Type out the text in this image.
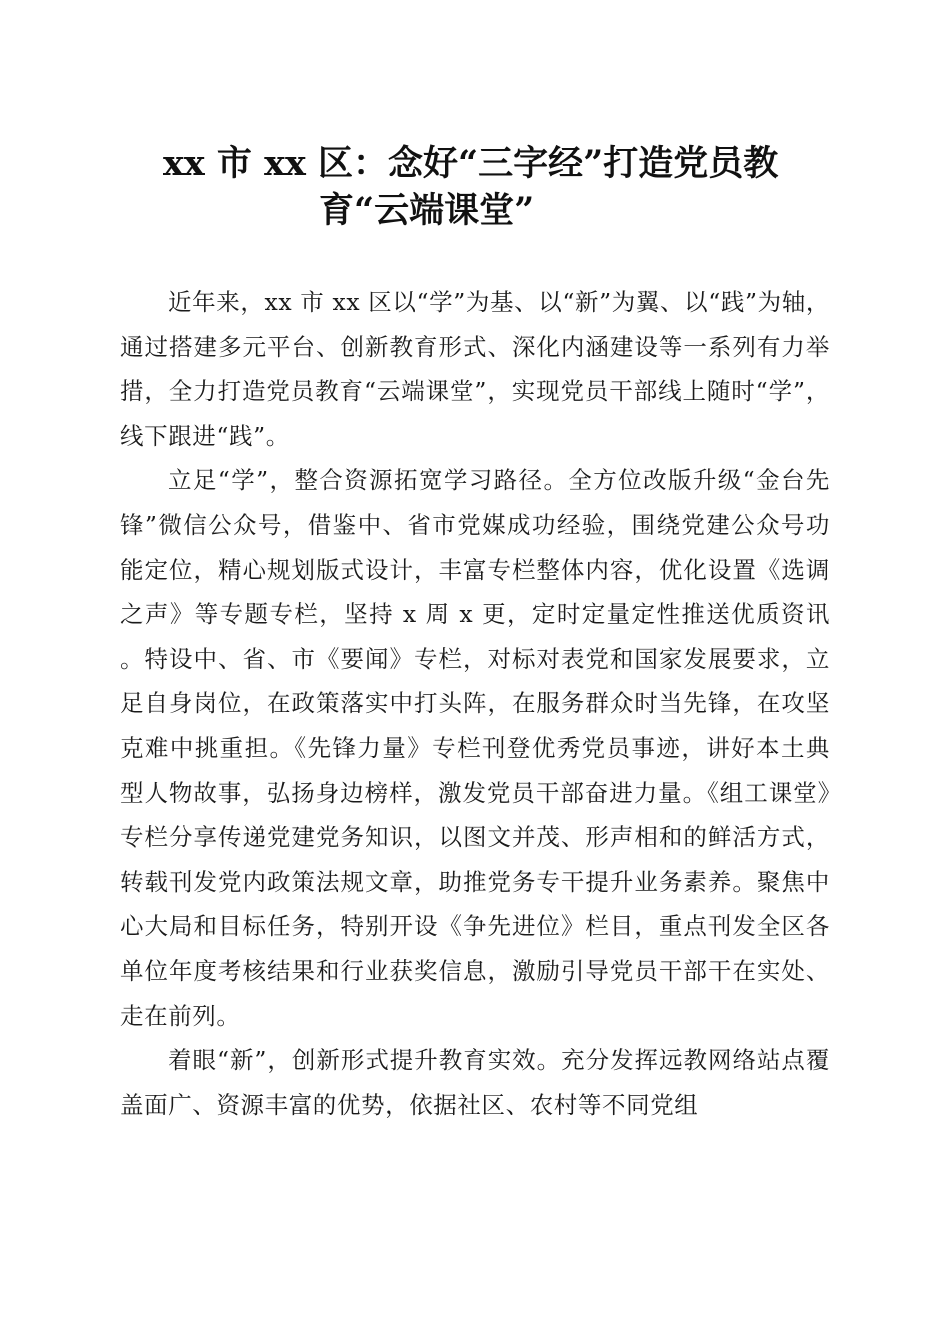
xx 市 xx 区：念好“三字经”打造党员教
育“云端课堂”

近年来，xx 市 xx 区以“学”为基、以“新”为翼、以“践”为轴，通过搭建多元平台、创新教育形式、深化内涵建设等一系列有力举措，全力打造党员教育“云端课堂”，实现党员干部线上随时“学”，线下跟进“践”。

立足“学”，整合资源拓宽学习路径。全方位改版升级“金台先锋”微信公众号，借鉴中、省市党媒成功经验，围绕党建公众号功能定位，精心规划版式设计，丰富专栏整体内容，优化设置《选调之声》等专题专栏，坚持 x 周 x 更，定时定量定性推送优质资讯。特设中、省、市《要闻》专栏，对标对表党和国家发展要求，立足自身岗位，在政策落实中打头阵，在服务群众时当先锋，在攻坚克难中挑重担。《先锋力量》专栏刊登优秀党员事迹，讲好本土典型人物故事，弘扬身边榜样，激发党员干部奋进力量。《组工课堂》专栏分享传递党建党务知识，以图文并茂、形声相和的鲜活方式，转载刊发党内政策法规文章，助推党务专干提升业务素养。聚焦中心大局和目标任务，特别开设《争先进位》栏目，重点刊发全区各单位年度考核结果和行业获奖信息，激励引导党员干部干在实处、走在前列。

着眼“新”，创新形式提升教育实效。充分发挥远教网络站点覆盖面广、资源丰富的优势，依据社区、农村等不同党组
